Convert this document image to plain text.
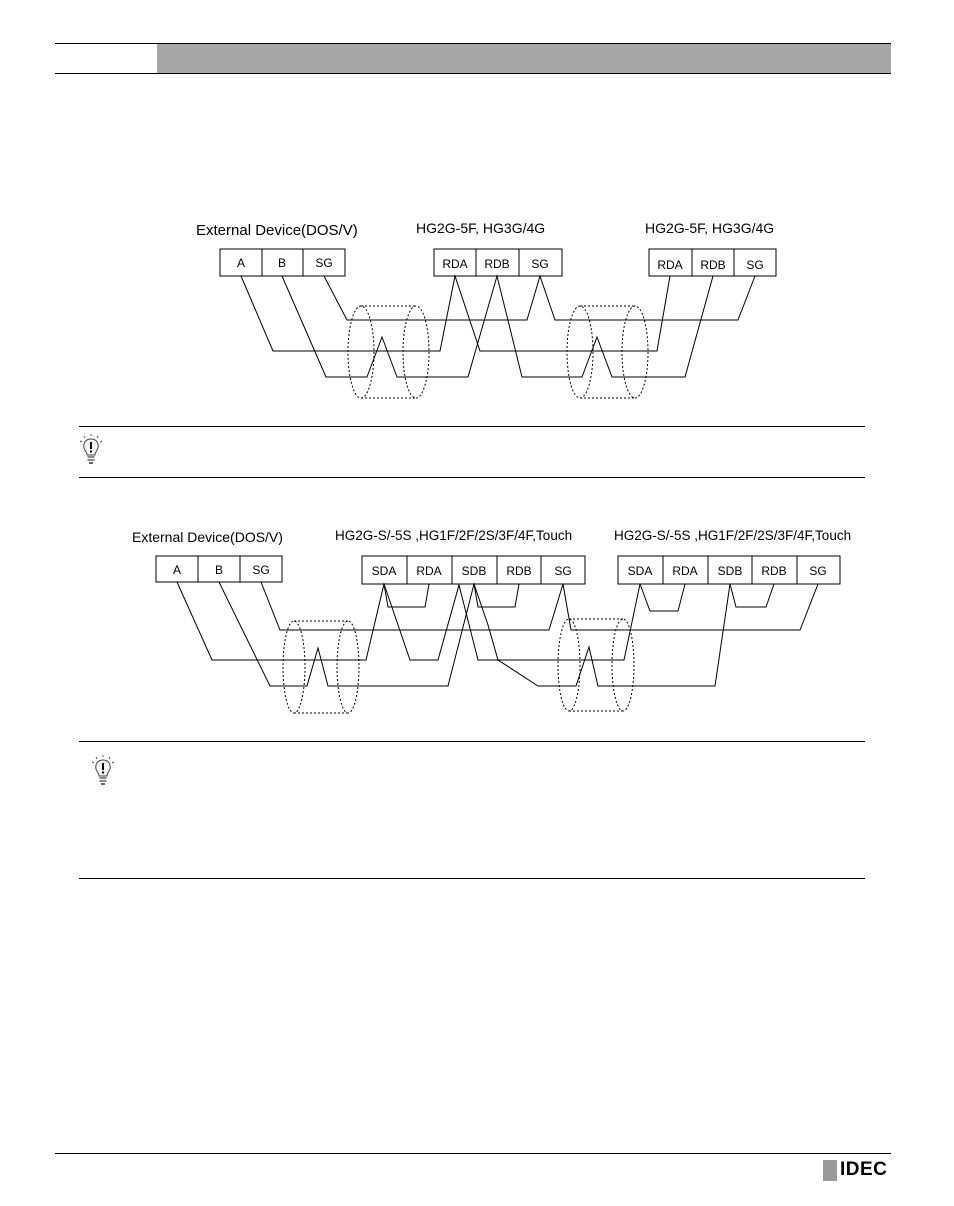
External Device(DOS/V)	HG2G-5F, HG3G/4G	HG2G-5F, HG3G/4G
A	B SG	RDA RDB SG	RDA RDB SG
External Device(DOS/V)	HG2G-S/-5S ,HG1F/2F/2S/3F/4F,Touch	HG2G-S/-5S ,HG1F/2F/2S/3F/4F,Touch
A	B SG	SDA RDA SDB RDB SG	SDA RDA SDB RDB SG
IDEC
